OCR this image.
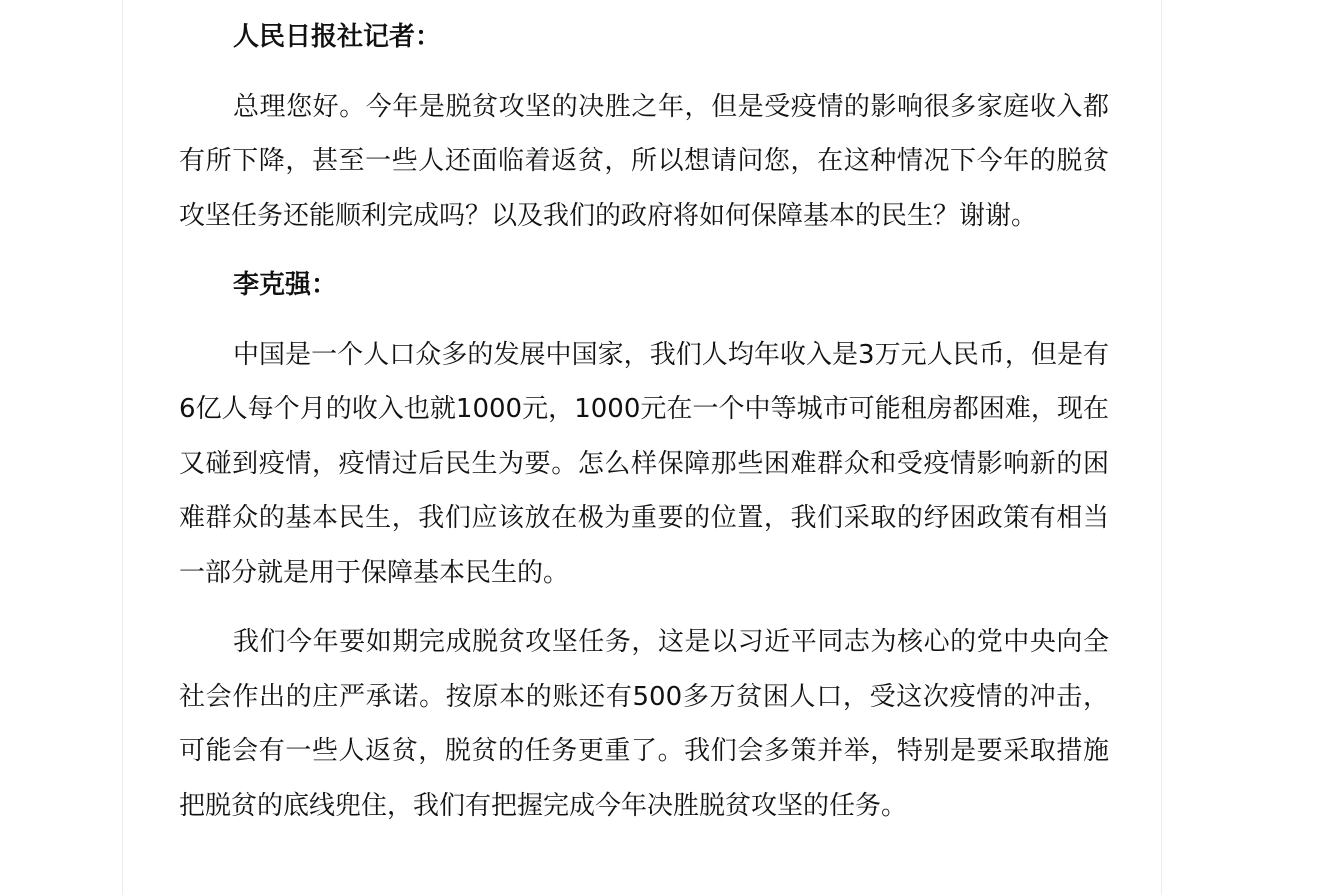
人民日报社记者：

总理您好。今年是脱贫攻坚的决胜之年，但是受疫情的影响很多家庭收入都有所下降，甚至一些人还面临着返贫，所以想请问您，在这种情况下今年的脱贫攻坚任务还能顺利完成吗？以及我们的政府将如何保障基本的民生？谢谢。

李克强：

中国是一个人口众多的发展中国家，我们人均年收入是3万元人民币，但是有6亿人每个月的收入也就1000元，1000元在一个中等城市可能租房都困难，现在又碰到疫情，疫情过后民生为要。怎么样保障那些困难群众和受疫情影响新的困难群众的基本民生，我们应该放在极为重要的位置，我们采取的纾困政策有相当一部分就是用于保障基本民生的。

我们今年要如期完成脱贫攻坚任务，这是以习近平同志为核心的党中央向全社会作出的庄严承诺。按原本的账还有500多万贫困人口，受这次疫情的冲击，可能会有一些人返贫，脱贫的任务更重了。我们会多策并举，特别是要采取措施把脱贫的底线兜住，我们有把握完成今年决胜脱贫攻坚的任务。
